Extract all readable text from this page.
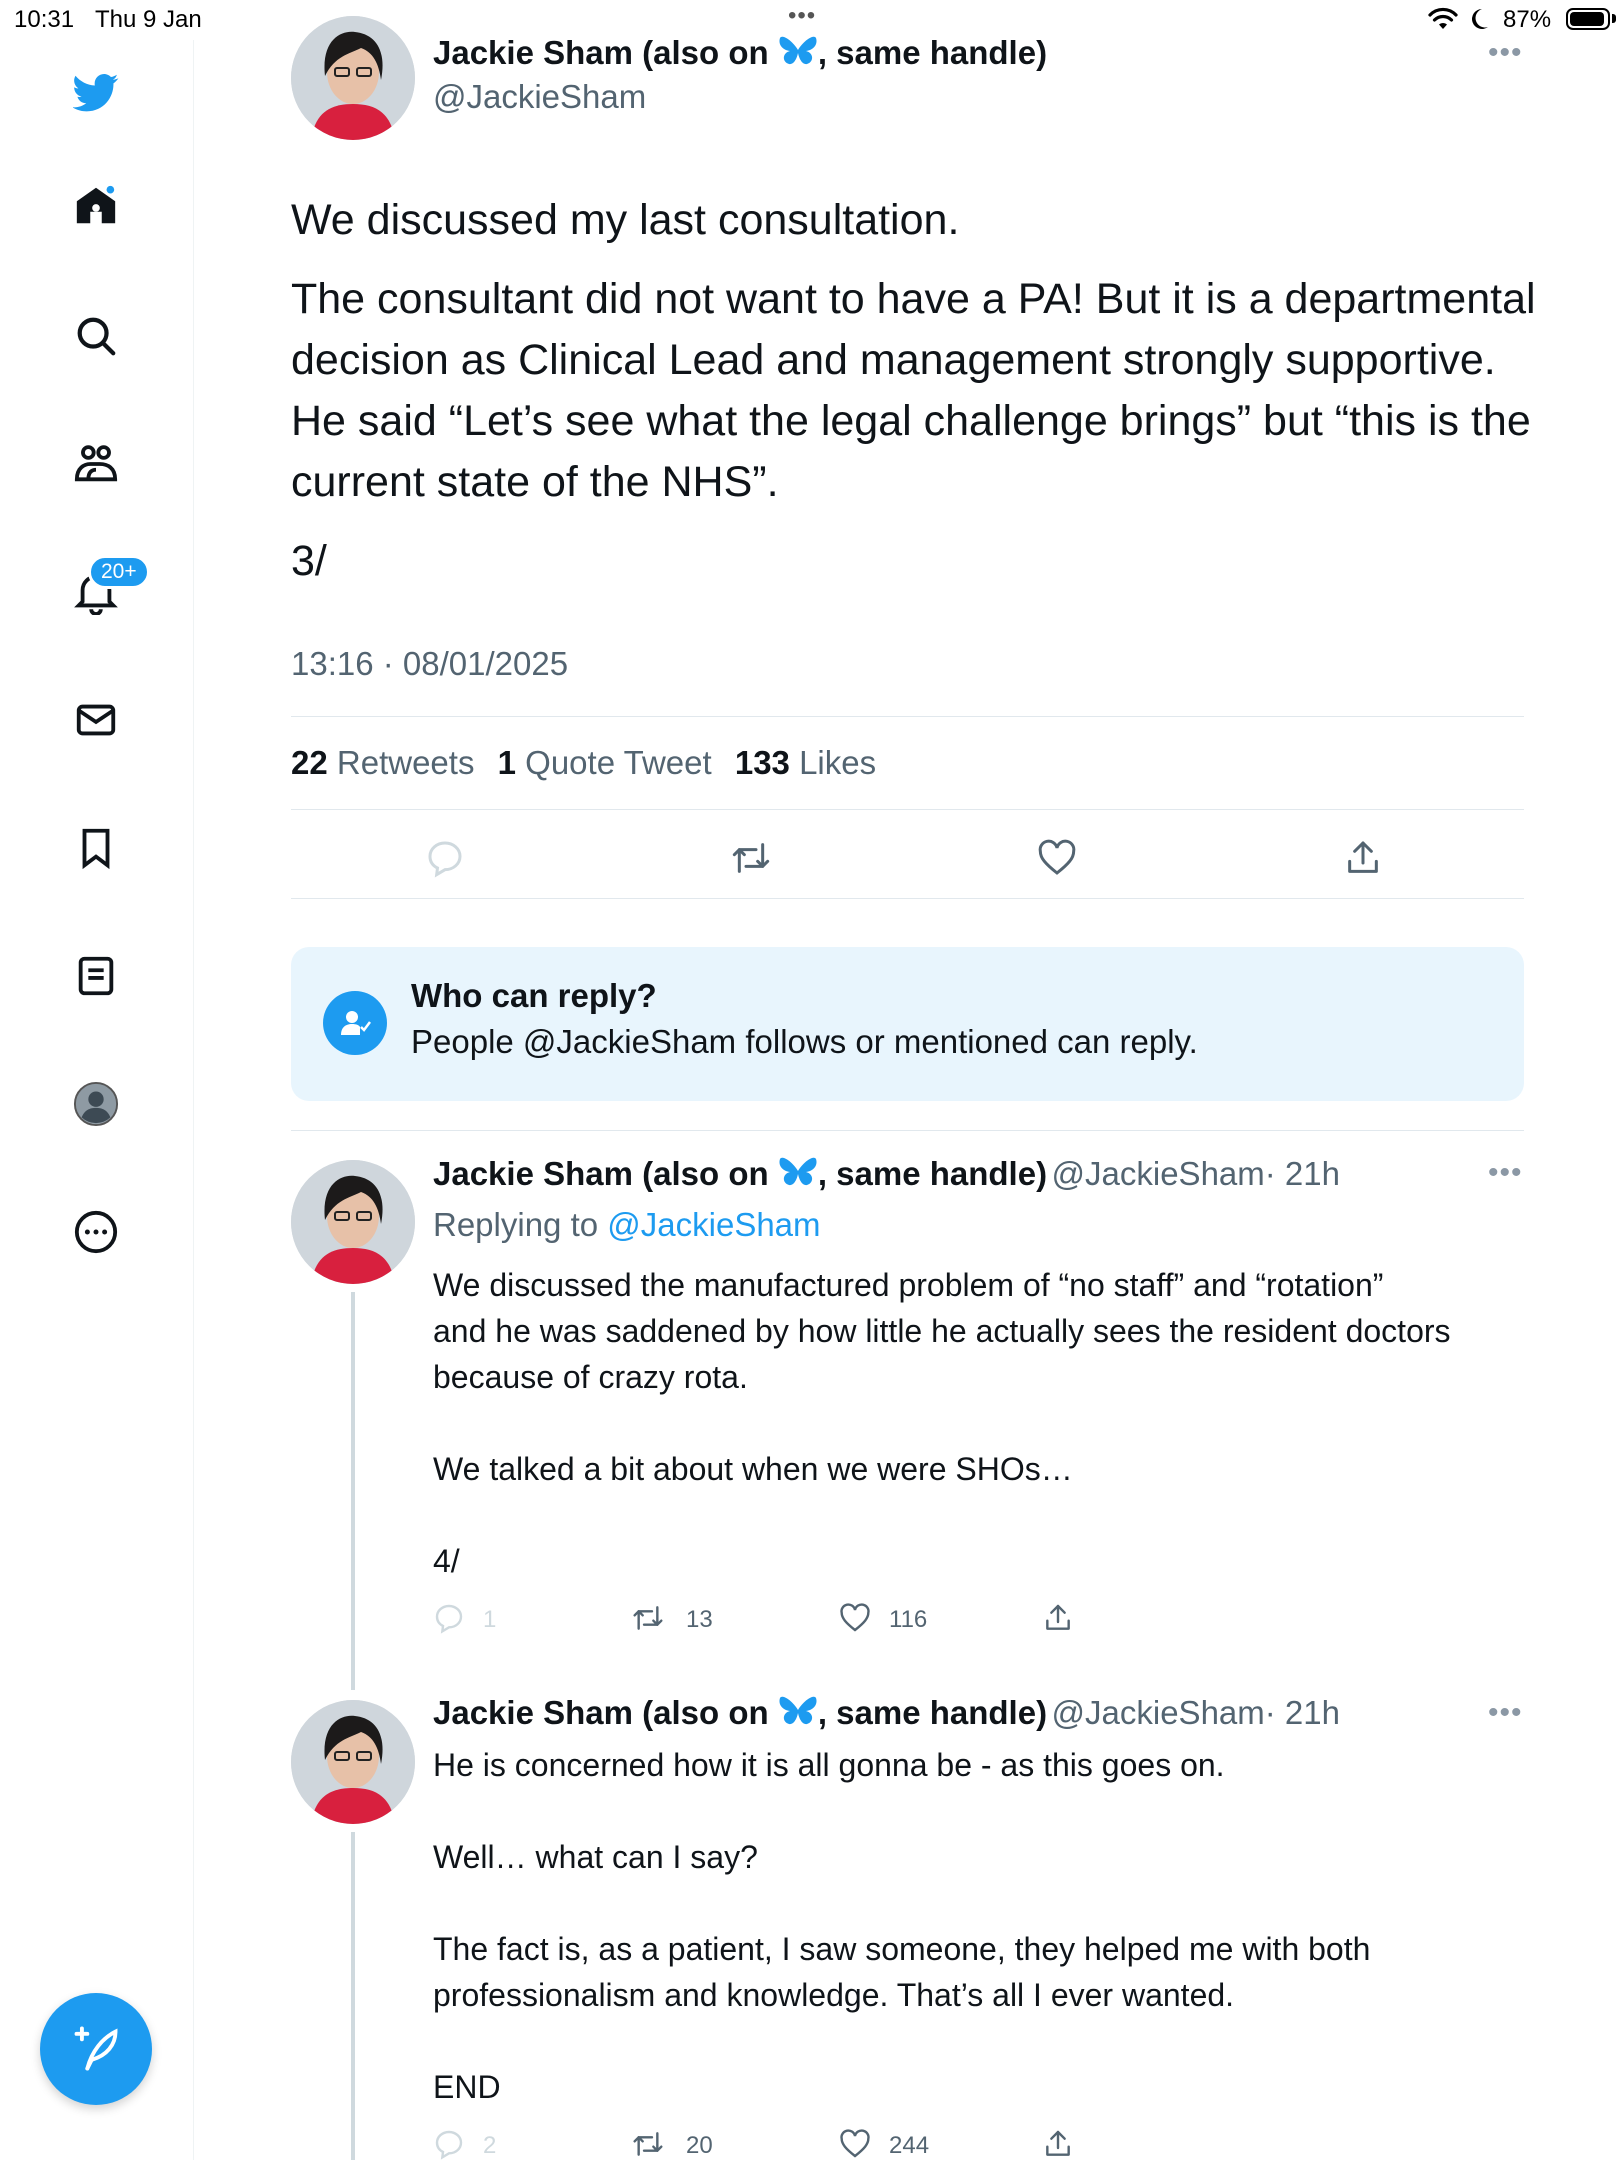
10:31 Thu 9 Jan	•••	87%
20+
Jackie Sham (also on , same handle)
@JackieSham
•••
We discussed my last consultation.
The consultant did not want to have a PA! But it is a departmental decision as Clinical Lead and management strongly supportive. He said “Let’s see what the legal challenge brings” but “this is the current state of the NHS”.
3/
13:16 · 08/01/2025
22 Retweets 1 Quote Tweet 133 Likes
Who can reply?
People @JackieSham follows or mentioned can reply.
Jackie Sham (also on , same handle) @JackieSham· 21h	•••
Replying to @JackieSham
We discussed the manufactured problem of “no staff” and “rotation”
and he was saddened by how little he actually sees the resident doctors
because of crazy rota.
We talked a bit about when we were SHOs…
4/
1	13	116
Jackie Sham (also on , same handle) @JackieSham· 21h	•••
He is concerned how it is all gonna be - as this goes on.
Well… what can I say?
The fact is, as a patient, I saw someone, they helped me with both
professionalism and knowledge. That’s all I ever wanted.
END
2	20	244
